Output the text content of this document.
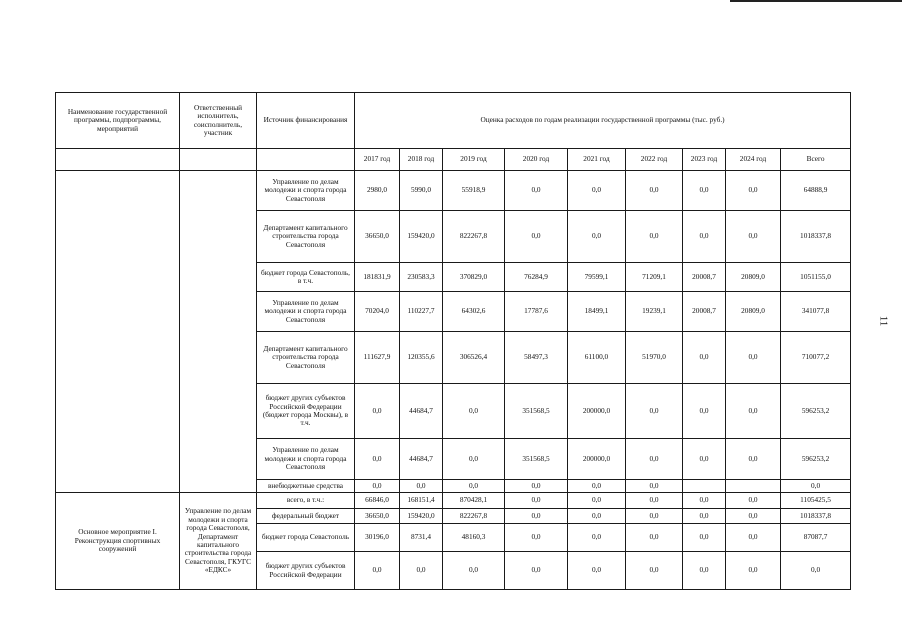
11
Наименование государственной программы, подпрограммы, мероприятий	Ответственный исполнитель, соисполнитель, участник	Источник финансирования	Оценка расходов по годам реализации государственной программы (тыс. руб.)								
			2017 год	2018 год	2019 год	2020 год	2021 год	2022 год	2023 год	2024 год	Всего
		Управление по делам молодежи и спорта города Севастополя	2980,0	5990,0	55918,9	0,0	0,0	0,0	0,0	0,0	64888,9
		Департамент капитального строительства города Севастополя	36650,0	159420,0	822267,8	0,0	0,0	0,0	0,0	0,0	1018337,8
		бюджет города Севастополь, в т.ч.	181831,9	230583,3	370829,0	76284,9	79599,1	71209,1	20008,7	20809,0	1051155,0
		Управление по делам молодежи и спорта города Севастополя	70204,0	110227,7	64302,6	17787,6	18499,1	19239,1	20008,7	20809,0	341077,8
		Департамент капитального строительства города Севастополя	111627,9	120355,6	306526,4	58497,3	61100,0	51970,0	0,0	0,0	710077,2
		бюджет других субъектов Российской Федерации (бюджет города Москвы), в т.ч.	0,0	44684,7	0,0	351568,5	200000,0	0,0	0,0	0,0	596253,2
		Управление по делам молодежи и спорта города Севастополя	0,0	44684,7	0,0	351568,5	200000,0	0,0	0,0	0,0	596253,2
		внебюджетные средства	0,0	0,0	0,0	0,0	0,0	0,0			0,0
Основное мероприятие I. Реконструкция спортивных сооружений	Управление по делам молодежи и спорта города Севастополя, Департамент капитального строительства города Севастополя, ГКУГС «ЕДКС»	всего, в т.ч.:	66846,0	168151,4	870428,1	0,0	0,0	0,0	0,0	0,0	1105425,5
		федеральный бюджет	36650,0	159420,0	822267,8	0,0	0,0	0,0	0,0	0,0	1018337,8
		бюджет города Севастополь	30196,0	8731,4	48160,3	0,0	0,0	0,0	0,0	0,0	87087,7
		бюджет других субъектов Российской Федерации	0,0	0,0	0,0	0,0	0,0	0,0	0,0	0,0	0,0
